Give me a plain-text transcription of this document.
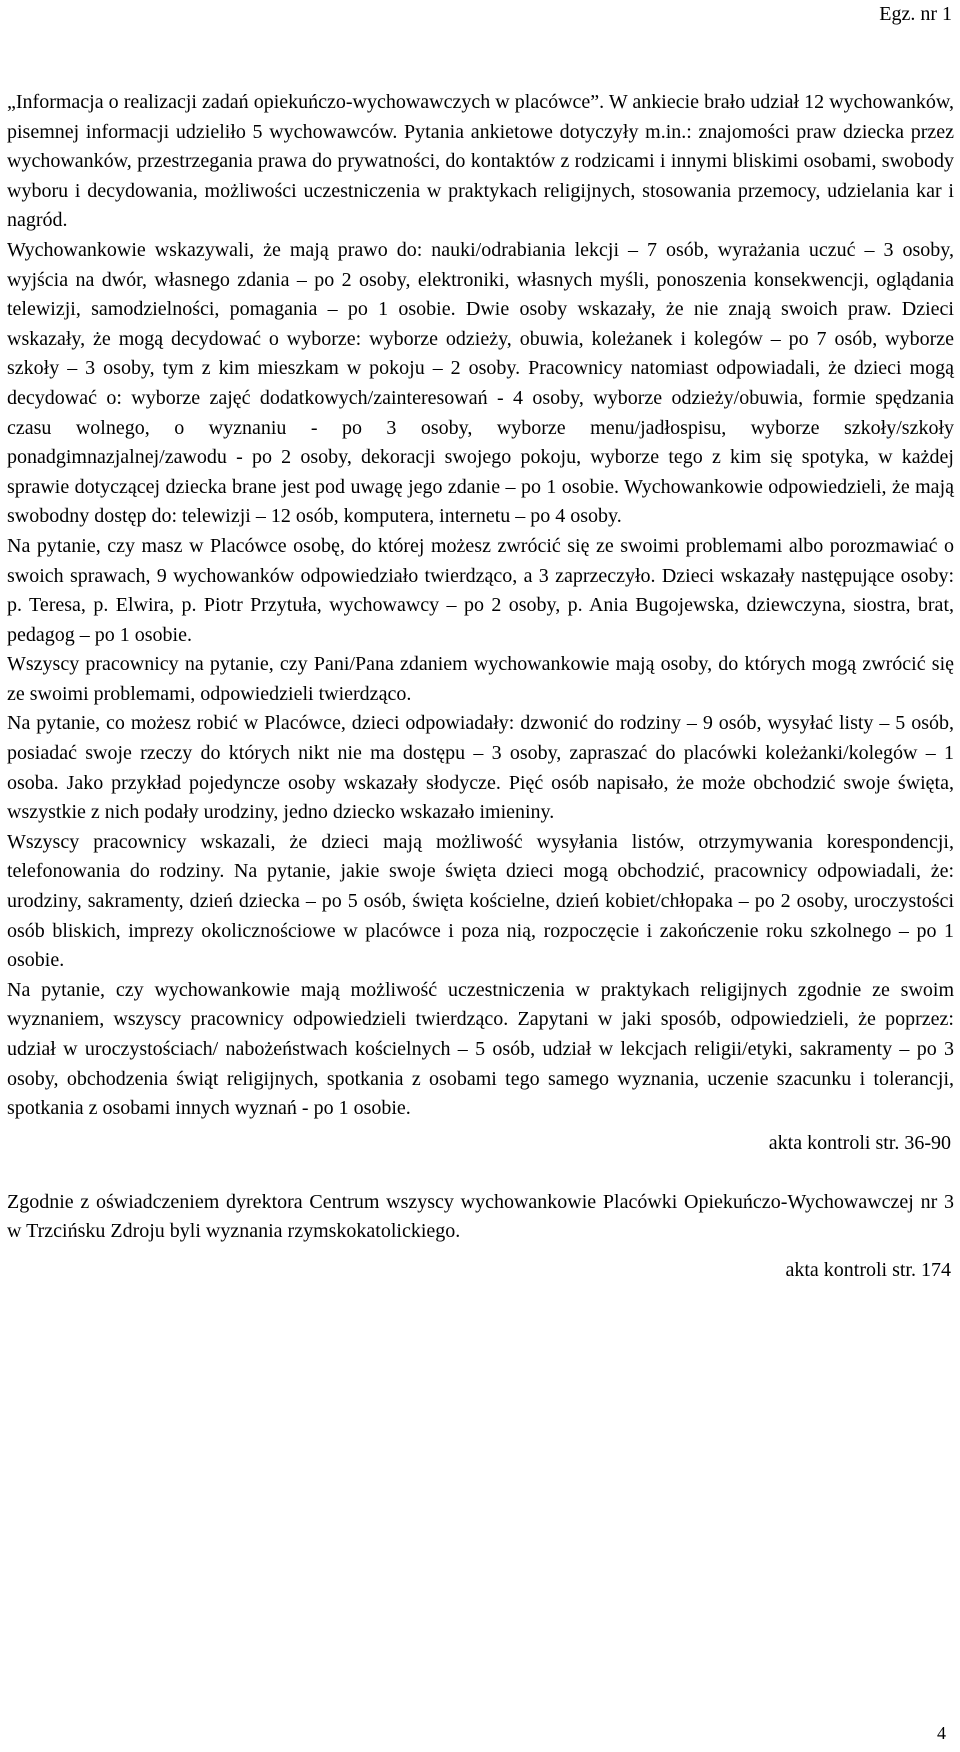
Egz. nr 1

„Informacja o realizacji zadań opiekuńczo-wychowawczych w placówce”. W ankiecie brało udział 12 wychowanków, pisemnej informacji udzieliło 5 wychowawców. Pytania ankietowe dotyczyły m.in.: znajomości praw dziecka przez wychowanków, przestrzegania prawa do prywatności, do kontaktów z rodzicami i innymi bliskimi osobami, swobody wyboru i decydowania, możliwości uczestniczenia w praktykach religijnych, stosowania przemocy, udzielania kar i nagród.

Wychowankowie wskazywali, że mają prawo do: nauki/odrabiania lekcji – 7 osób, wyrażania uczuć – 3 osoby, wyjścia na dwór, własnego zdania – po 2 osoby, elektroniki, własnych myśli, ponoszenia konsekwencji, oglądania telewizji, samodzielności, pomagania – po 1 osobie. Dwie osoby wskazały, że nie znają swoich praw. Dzieci wskazały, że mogą decydować o wyborze: wyborze odzieży, obuwia, koleżanek i kolegów – po 7 osób, wyborze szkoły – 3 osoby, tym z kim mieszkam w pokoju – 2 osoby. Pracownicy natomiast odpowiadali, że dzieci mogą decydować o: wyborze zajęć dodatkowych/zainteresowań - 4 osoby, wyborze odzieży/obuwia, formie spędzania czasu wolnego, o wyznaniu - po 3 osoby, wyborze menu/jadłospisu, wyborze szkoły/szkoły ponadgimnazjalnej/zawodu - po 2 osoby, dekoracji swojego pokoju, wyborze tego z kim się spotyka, w każdej sprawie dotyczącej dziecka brane jest pod uwagę jego zdanie – po 1 osobie. Wychowankowie odpowiedzieli, że mają swobodny dostęp do: telewizji – 12 osób, komputera, internetu – po 4 osoby.

Na pytanie, czy masz w Placówce osobę, do której możesz zwrócić się ze swoimi problemami albo porozmawiać o swoich sprawach, 9 wychowanków odpowiedziało twierdząco, a 3 zaprzeczyło. Dzieci wskazały następujące osoby: p. Teresa, p. Elwira, p. Piotr Przytuła, wychowawcy – po 2 osoby, p. Ania Bugojewska, dziewczyna, siostra, brat, pedagog – po 1 osobie.

Wszyscy pracownicy na pytanie, czy Pani/Pana zdaniem wychowankowie mają osoby, do których mogą zwrócić się ze swoimi problemami, odpowiedzieli twierdząco.

Na pytanie, co możesz robić w Placówce, dzieci odpowiadały: dzwonić do rodziny – 9 osób, wysyłać listy – 5 osób, posiadać swoje rzeczy do których nikt nie ma dostępu – 3 osoby, zapraszać do placówki koleżanki/kolegów – 1 osoba. Jako przykład pojedyncze osoby wskazały słodycze. Pięć osób napisało, że może obchodzić swoje święta, wszystkie z nich podały urodziny, jedno dziecko wskazało imieniny.

Wszyscy pracownicy wskazali, że dzieci mają możliwość wysyłania listów, otrzymywania korespondencji, telefonowania do rodziny. Na pytanie, jakie swoje święta dzieci mogą obchodzić, pracownicy odpowiadali, że: urodziny, sakramenty, dzień dziecka – po 5 osób, święta kościelne, dzień kobiet/chłopaka – po 2 osoby, uroczystości osób bliskich, imprezy okolicznościowe w placówce i poza nią, rozpoczęcie i zakończenie roku szkolnego – po 1 osobie.

Na pytanie, czy wychowankowie mają możliwość uczestniczenia w praktykach religijnych zgodnie ze swoim wyznaniem, wszyscy pracownicy odpowiedzieli twierdząco. Zapytani w jaki sposób, odpowiedzieli, że poprzez: udział w uroczystościach/ nabożeństwach kościelnych – 5 osób, udział w lekcjach religii/etyki, sakramenty – po 3 osoby, obchodzenia świąt religijnych, spotkania z osobami tego samego wyznania, uczenie szacunku i tolerancji, spotkania z osobami innych wyznań - po 1 osobie.

akta kontroli str. 36-90

Zgodnie z oświadczeniem dyrektora Centrum wszyscy wychowankowie Placówki Opiekuńczo-Wychowawczej nr 3 w Trzcińsku Zdroju byli wyznania rzymskokatolickiego.

akta kontroli str. 174

4
